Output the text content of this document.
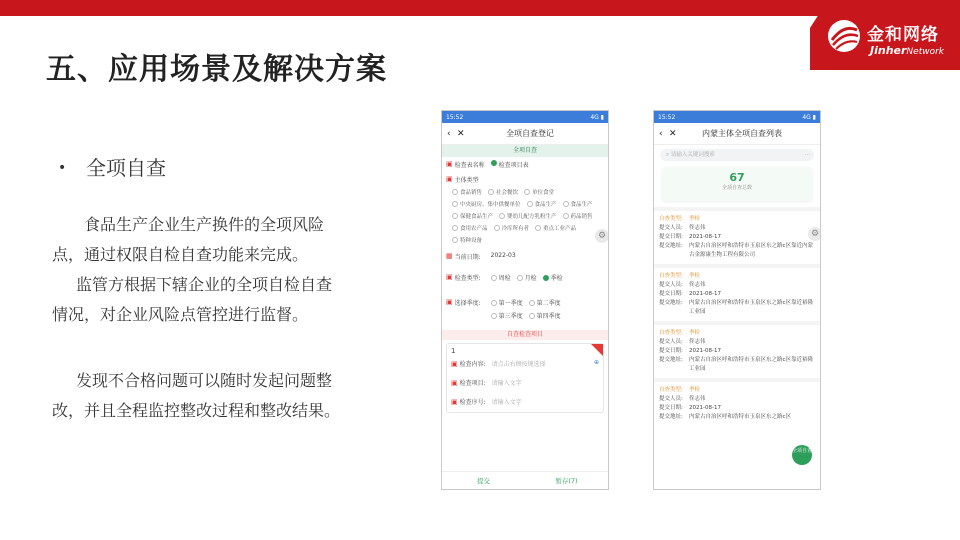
金和网络
JinherNetwork
五、应用场景及解决方案
• 全项自查

食品生产企业生产换件的全项风险点，通过权限自检自查功能来完成。

监管方根据下辖企业的全项自检自查情况，对企业风险点管控进行监督。

发现不合格问题可以随时发起问题整改，并且全程监控整改过程和整改结果。

15:52	4G ▮
‹ ✕	全项自查登记
全项自查
▣ 检查表名称	检查项目表
▣ 主体类型
食品销售	社会餐饮	单位食堂
中央厨房、集中供餐单位	食品生产	食品生产
保健食品生产	婴幼儿配方乳粉生产	药品销售
食用农产品	冷库所有者	重点工业产品
特种设备
▦ 当前日期:	2022-03
▣ 检查类型:	周检	月检	季检
▣ 选择季度:	第一季度	第二季度
第三季度	第四季度
自查检查项目
1
▣ 检查内容: 请点击右侧按键选择	⊕
▣ 检查项目: 请输入文字
▣ 检查序号: 请输入文字
⚙
提交	暂存(7)
15:52	4G ▮
‹ ✕	内蒙主体全项自查列表
⌕ 请输入关键词搜索	···
67
全项自查总数
自查类型:	季检
提交人员:	佟志伟
提交日期:	2021-08-17
提交地址:	内蒙古自治区呼和浩特市玉泉区东之路c区靠近内蒙古金源康生物工程有限公司
自查类型:	季检
提交人员:	佟志伟
提交日期:	2021-08-17
提交地址:	内蒙古自治区呼和浩特市玉泉区东之路c区靠近裕隆工业园
自查类型:	季检
提交人员:	佟志伟
提交日期:	2021-08-17
提交地址:	内蒙古自治区呼和浩特市玉泉区东之路c区靠近裕隆工业园
自查类型:	季检
提交人员:	佟志伟
提交日期:	2021-08-17
提交地址:	内蒙古自治区呼和浩特市玉泉区东之路c区
⚙
全项自查
